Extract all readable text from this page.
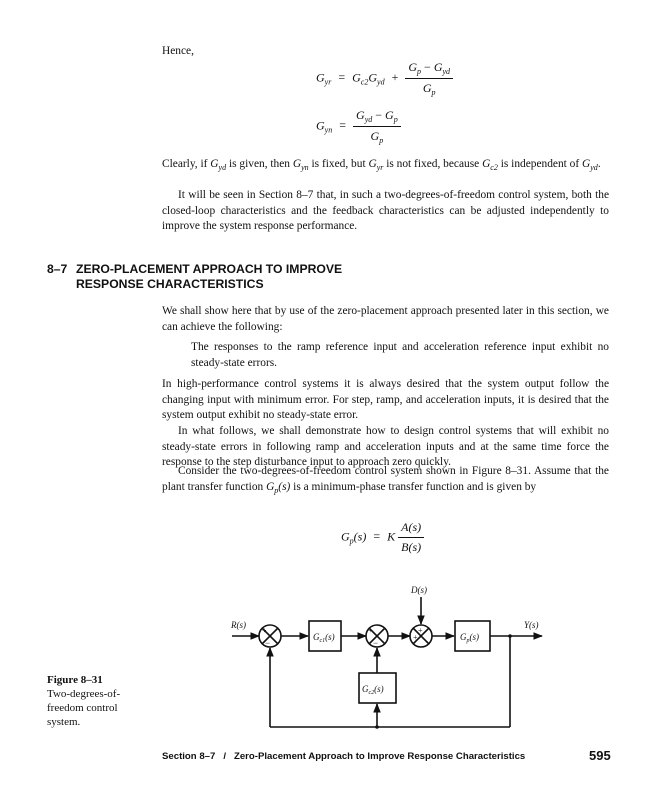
Hence,
$G_{yr} = G_{c2}G_{yd} + \frac{G_p - G_{yd}}{G_p}$
$G_{yn} = \frac{G_{yd} - G_p}{G_p}$
Clearly, if $G_{yd}$ is given, then $G_{yn}$ is fixed, but $G_{yr}$ is not fixed, because $G_{c2}$ is independent of $G_{yd}$.
It will be seen in Section 8–7 that, in such a two-degrees-of-freedom control system, both the closed-loop characteristics and the feedback characteristics can be adjusted independently to improve the system response performance.
8–7 ZERO-PLACEMENT APPROACH TO IMPROVE
RESPONSE CHARACTERISTICS
We shall show here that by use of the zero-placement approach presented later in this section, we can achieve the following:
The responses to the ramp reference input and acceleration reference input exhibit no steady-state errors.
In high-performance control systems it is always desired that the system output follow the changing input with minimum error. For step, ramp, and acceleration inputs, it is desired that the system output exhibit no steady-state error.
In what follows, we shall demonstrate how to design control systems that will exhibit no steady-state errors in following ramp and acceleration inputs and at the same time force the response to the step disturbance input to approach zero quickly.
Consider the two-degrees-of-freedom control system shown in Figure 8–31. Assume that the plant transfer function $G_p(s)$ is a minimum-phase transfer function and is given by
$G_p(s) = K \frac{A(s)}{B(s)}$
R(s)	Y(s)
D(s)
+
−
+
−
+
+
$G_{c1}(s)$
$G_{c2}(s)$
$G_p(s)$
Figure 8–31
Two-degrees-of-
freedom control
system.
Section 8–7   /   Zero-Placement Approach to Improve Response Characteristics	595
